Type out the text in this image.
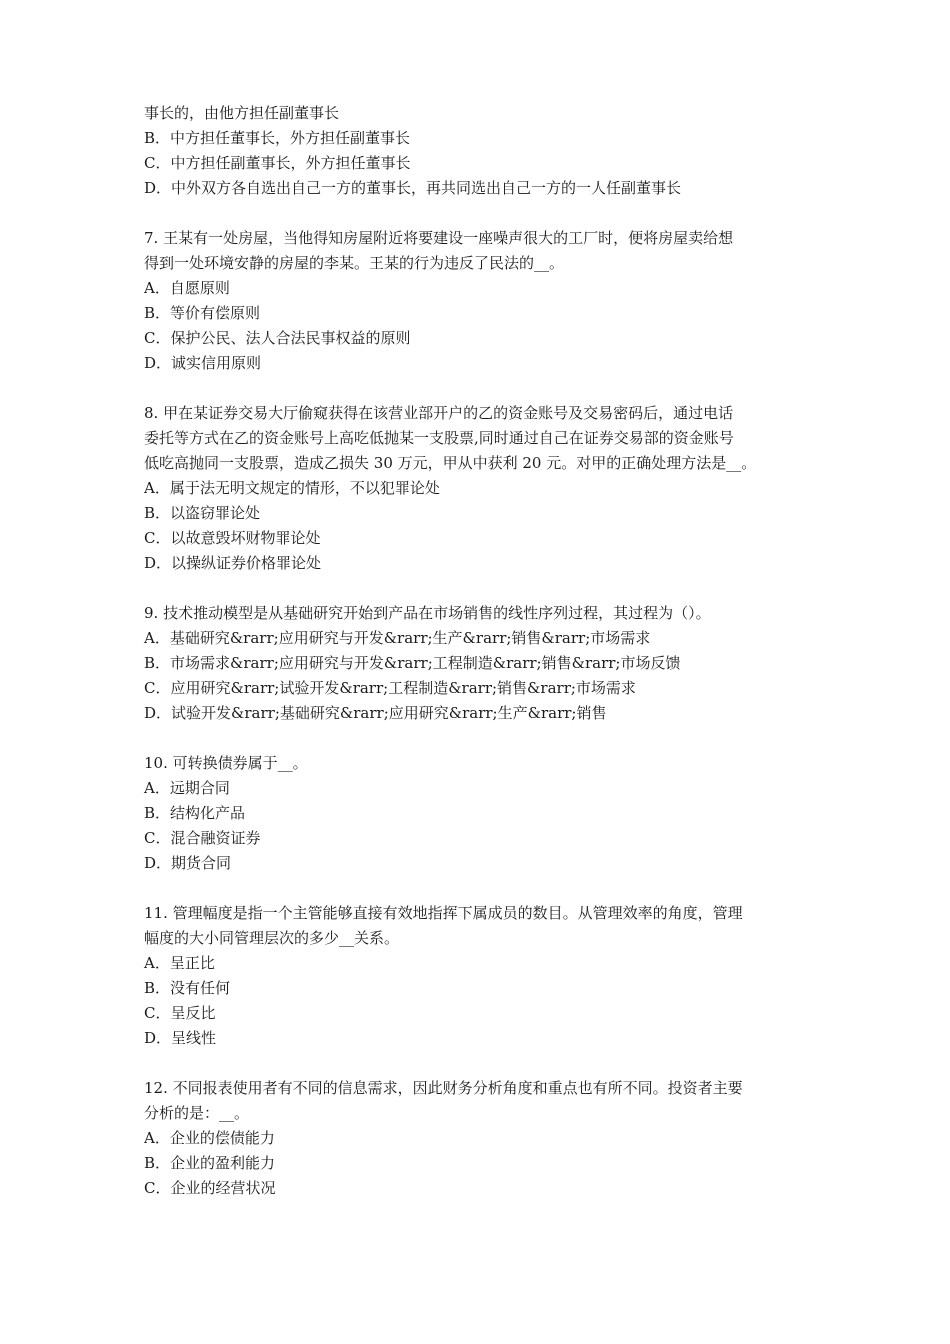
事长的，由他方担任副董事长
B．中方担任董事长，外方担任副董事长
C．中方担任副董事长，外方担任董事长
D．中外双方各自选出自己一方的董事长，再共同选出自己一方的一人任副董事长
7. 王某有一处房屋，当他得知房屋附近将要建设一座噪声很大的工厂时，便将房屋卖给想
得到一处环境安静的房屋的李某。王某的行为违反了民法的__。
A．自愿原则
B．等价有偿原则
C．保护公民、法人合法民事权益的原则
D．诚实信用原则
8. 甲在某证券交易大厅偷窥获得在该营业部开户的乙的资金账号及交易密码后，通过电话
委托等方式在乙的资金账号上高吃低抛某一支股票,同时通过自己在证券交易部的资金账号
低吃高抛同一支股票，造成乙损失 30 万元，甲从中获利 20 元。对甲的正确处理方法是__。
A．属于法无明文规定的情形，不以犯罪论处
B．以盗窃罪论处
C．以故意毁坏财物罪论处
D．以操纵证券价格罪论处
9. 技术推动模型是从基础研究开始到产品在市场销售的线性序列过程，其过程为（）。
A．基础研究&rarr;应用研究与开发&rarr;生产&rarr;销售&rarr;市场需求
B．市场需求&rarr;应用研究与开发&rarr;工程制造&rarr;销售&rarr;市场反馈
C．应用研究&rarr;试验开发&rarr;工程制造&rarr;销售&rarr;市场需求
D．试验开发&rarr;基础研究&rarr;应用研究&rarr;生产&rarr;销售
10. 可转换债券属于__。
A．远期合同
B．结构化产品
C．混合融资证券
D．期货合同
11. 管理幅度是指一个主管能够直接有效地指挥下属成员的数目。从管理效率的角度，管理
幅度的大小同管理层次的多少__关系。
A．呈正比
B．没有任何
C．呈反比
D．呈线性
12. 不同报表使用者有不同的信息需求，因此财务分析角度和重点也有所不同。投资者主要
分析的是：__。
A．企业的偿债能力
B．企业的盈利能力
C．企业的经营状况
